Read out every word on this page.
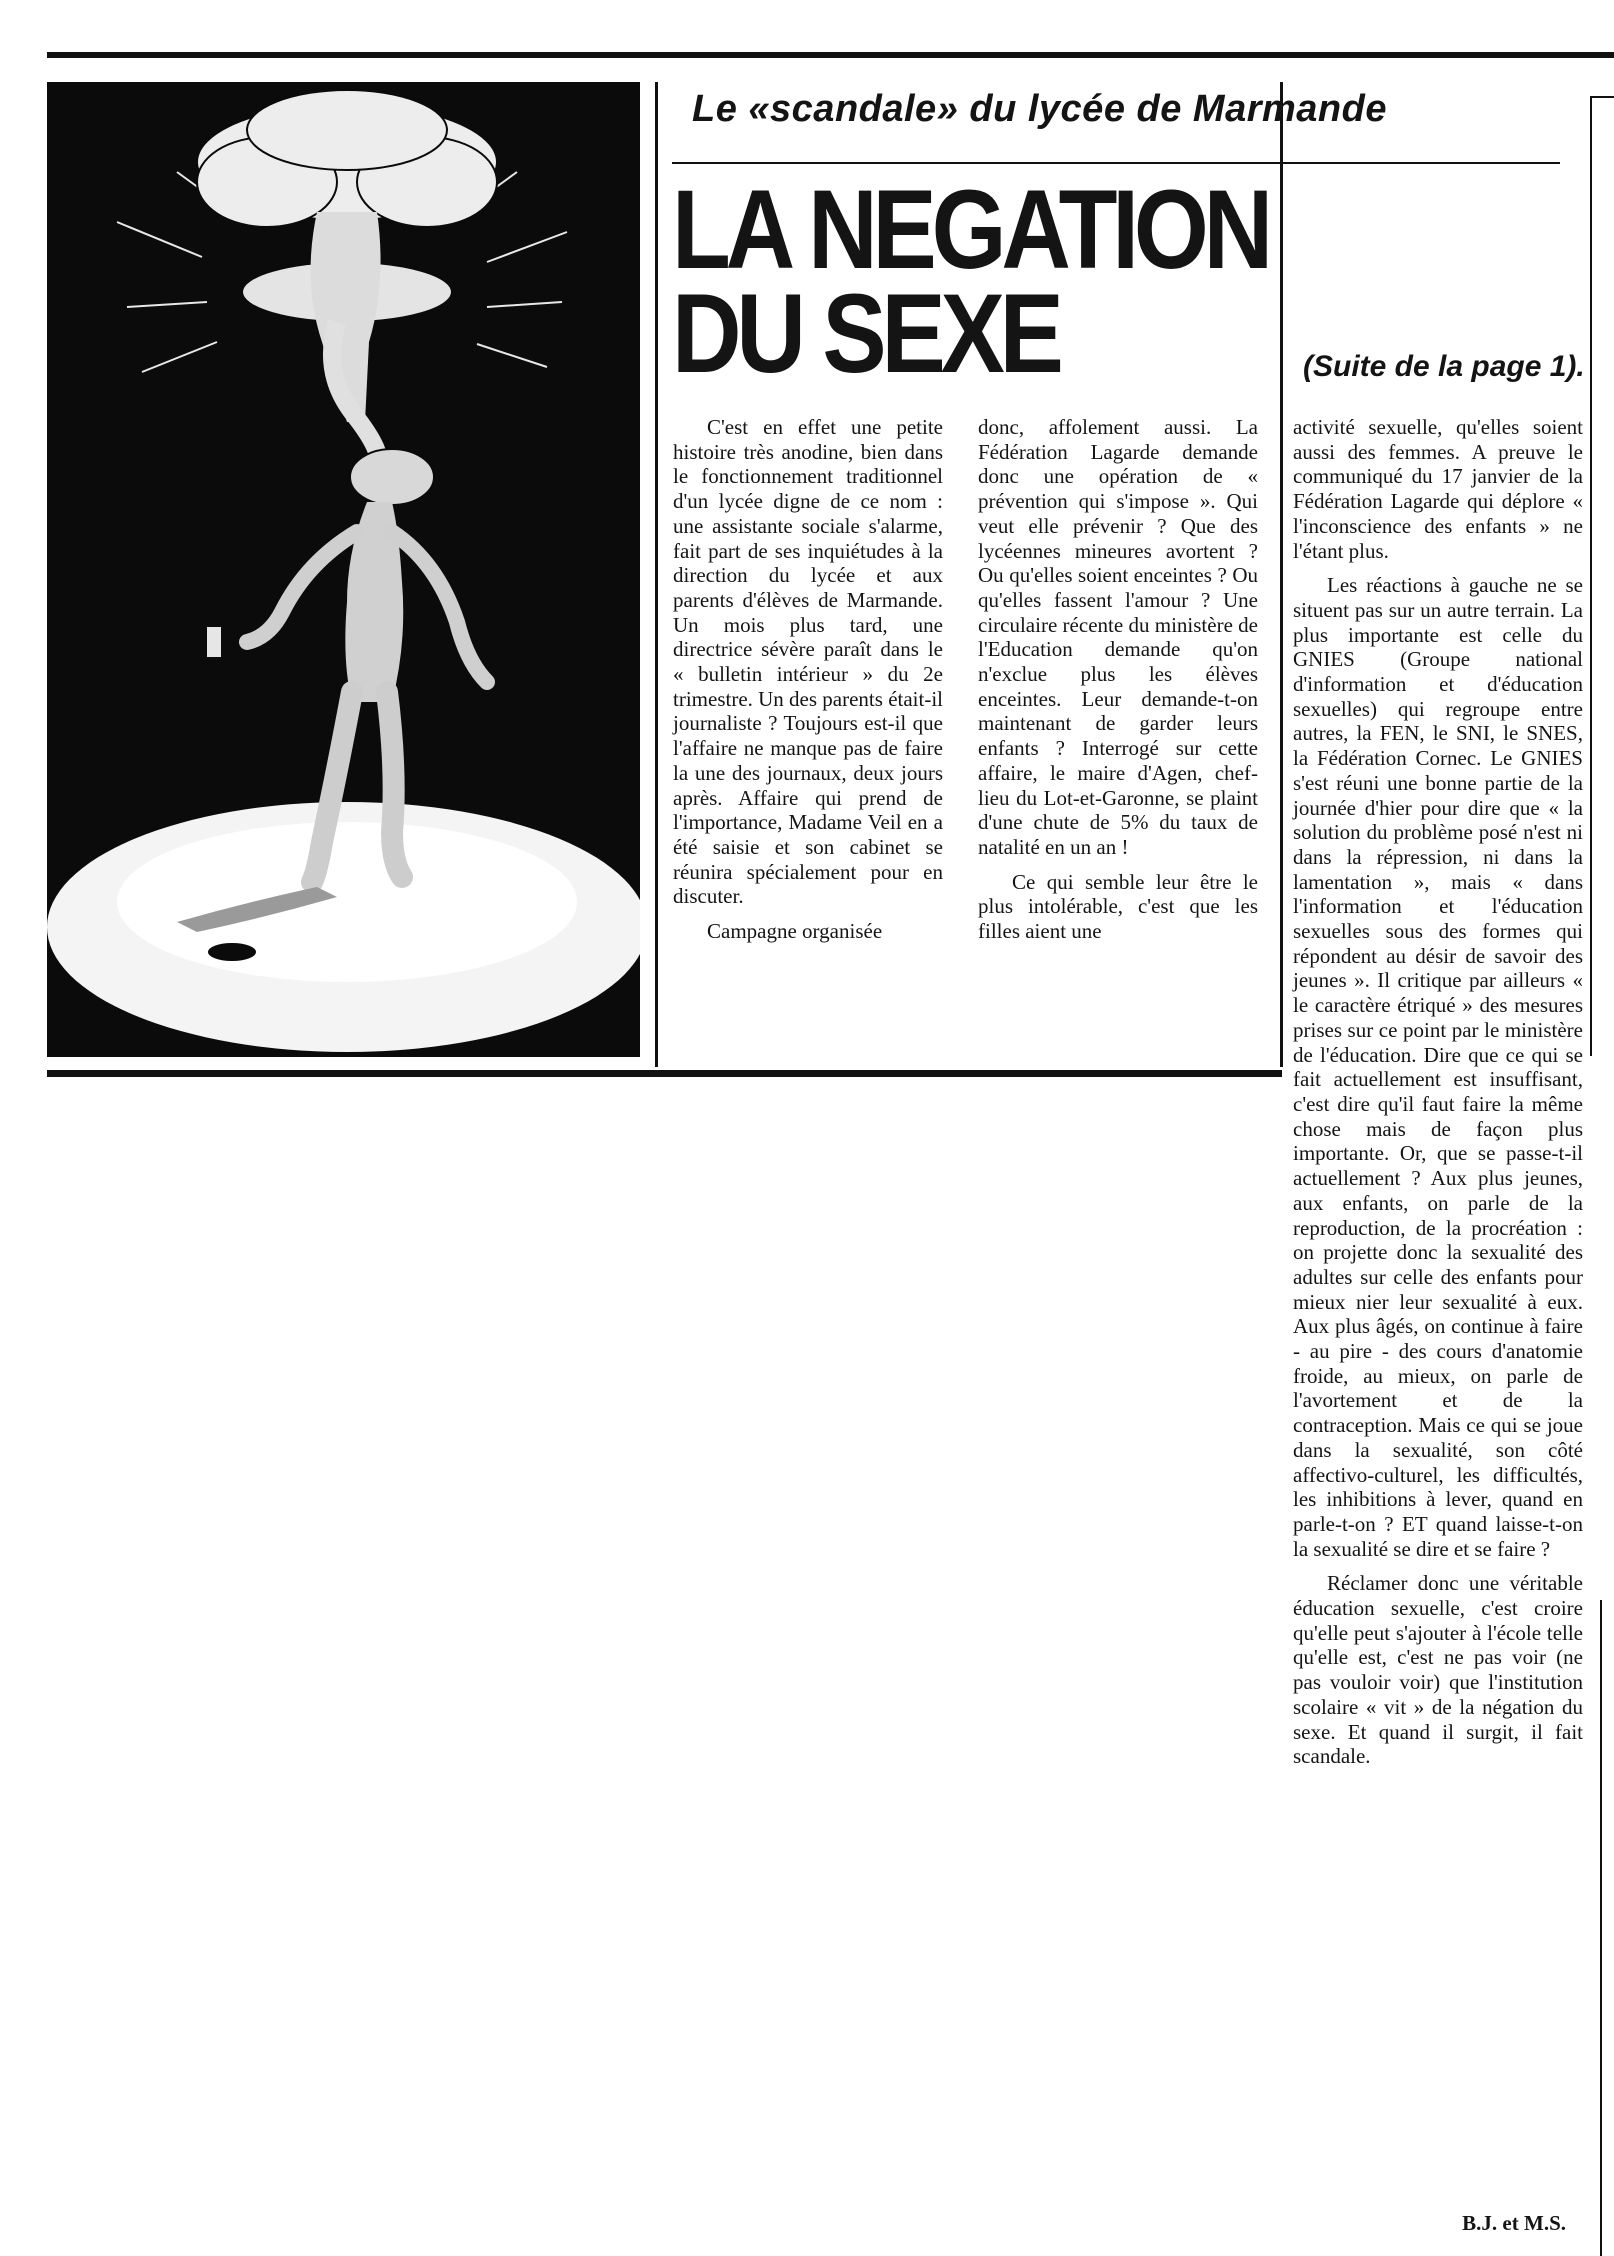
Le «scandale» du lycée de Marmande
LA NEGATION
DU SEXE	(Suite de la page 1).

C'est en effet une petite histoire très anodine, bien dans le fonctionnement traditionnel d'un lycée digne de ce nom : une assistante sociale s'alarme, fait part de ses inquiétudes à la direction du lycée et aux parents d'élèves de Marmande. Un mois plus tard, une directrice sévère paraît dans le « bulletin intérieur » du 2e trimestre. Un des parents était-il journaliste ? Toujours est-il que l'affaire ne manque pas de faire la une des journaux, deux jours après. Affaire qui prend de l'importance, Madame Veil en a été saisie et son cabinet se réunira spécialement pour en discuter.

Campagne organisée

donc, affolement aussi. La Fédération Lagarde demande donc une opération de « prévention qui s'impose ». Qui veut elle prévenir ? Que des lycéennes mineures avortent ? Ou qu'elles soient enceintes ? Ou qu'elles fassent l'amour ? Une circulaire récente du ministère de l'Education demande qu'on n'exclue plus les élèves enceintes. Leur demande-t-on maintenant de garder leurs enfants ? Interrogé sur cette affaire, le maire d'Agen, chef-lieu du Lot-et-Garonne, se plaint d'une chute de 5% du taux de natalité en un an !

Ce qui semble leur être le plus intolérable, c'est que les filles aient une

activité sexuelle, qu'elles soient aussi des femmes. A preuve le communiqué du 17 janvier de la Fédération Lagarde qui déplore « l'inconscience des enfants » ne l'étant plus.

Les réactions à gauche ne se situent pas sur un autre terrain. La plus importante est celle du GNIES (Groupe national d'information et d'éducation sexuelles) qui regroupe entre autres, la FEN, le SNI, le SNES, la Fédération Cornec. Le GNIES s'est réuni une bonne partie de la journée d'hier pour dire que « la solution du problème posé n'est ni dans la répression, ni dans la lamentation », mais « dans l'information et l'éducation sexuelles sous des formes qui répondent au désir de savoir des jeunes ». Il critique par ailleurs « le caractère étriqué » des mesures prises sur ce point par le ministère de l'éducation. Dire que ce qui se fait actuellement est insuffisant, c'est dire qu'il faut faire la même chose mais de façon plus importante. Or, que se passe-t-il actuellement ? Aux plus jeunes, aux enfants, on parle de la reproduction, de la procréation : on projette donc la sexualité des adultes sur celle des enfants pour mieux nier leur sexualité à eux. Aux plus âgés, on continue à faire - au pire - des cours d'anatomie froide, au mieux, on parle de l'avortement et de la contraception. Mais ce qui se joue dans la sexualité, son côté affectivo-culturel, les difficultés, les inhibitions à lever, quand en parle-t-on ? ET quand laisse-t-on la sexualité se dire et se faire ?

Réclamer donc une véritable éducation sexuelle, c'est croire qu'elle peut s'ajouter à l'école telle qu'elle est, c'est ne pas voir (ne pas vouloir voir) que l'institution scolaire « vit » de la négation du sexe. Et quand il surgit, il fait scandale.

B.J. et M.S.
